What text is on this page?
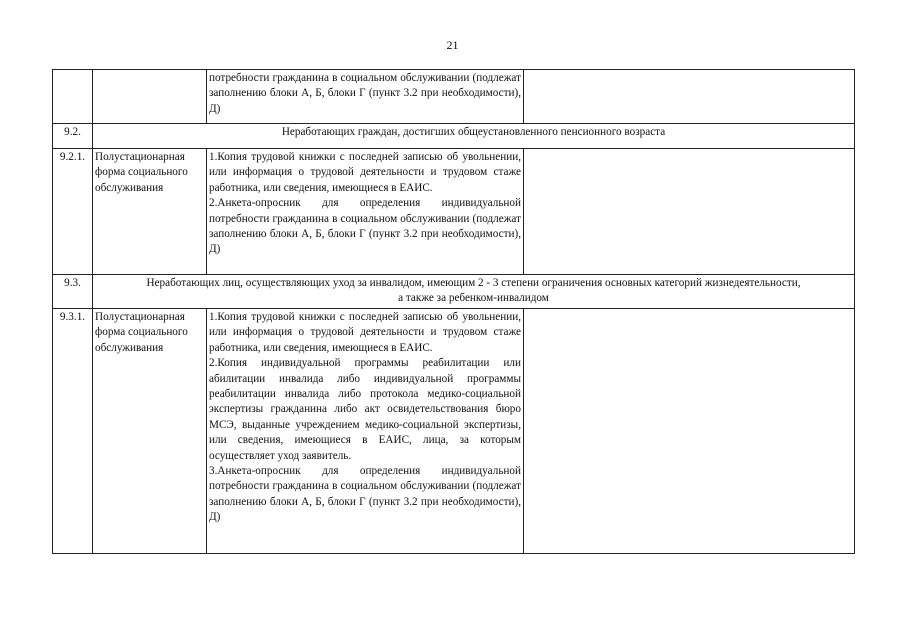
21

		потребности гражданина в социальном обслуживании (подлежат заполнению блоки А, Б, блоки Г (пункт 3.2 при необходимости), Д)	

9.2.	Неработающих граждан, достигших общеустановленного пенсионного возраста		
9.2.1.	Полустационарная форма социального обслуживания	1.Копия трудовой книжки с последней записью об увольнении, или информация о трудовой деятельности и трудовом стаже работника, или сведения, имеющиеся в ЕАИС.
2.Анкета-опросник для определения индивидуальной потребности гражданина в социальном обслуживании (подлежат заполнению блоки А, Б, блоки Г (пункт 3.2 при необходимости), Д)	

9.3.	Неработающих лиц, осуществляющих уход за инвалидом, имеющим 2 - 3 степени ограничения основных категорий жизнедеятельности,
а также за ребенком-инвалидом		

9.3.1.	Полустационарная форма социального обслуживания	1.Копия трудовой книжки с последней записью об увольнении, или информация о трудовой деятельности и трудовом стаже работника, или сведения, имеющиеся в ЕАИС.
2.Копия индивидуальной программы реабилитации или абилитации инвалида либо индивидуальной программы реабилитации инвалида либо протокола медико-социальной экспертизы гражданина либо акт освидетельствования бюро МСЭ, выданные учреждением медико-социальной экспертизы, или сведения, имеющиеся в ЕАИС, лица, за которым осуществляет уход заявитель.
3.Анкета-опросник для определения индивидуальной потребности гражданина в социальном обслуживании (подлежат заполнению блоки А, Б, блоки Г (пункт 3.2 при необходимости), Д)	
